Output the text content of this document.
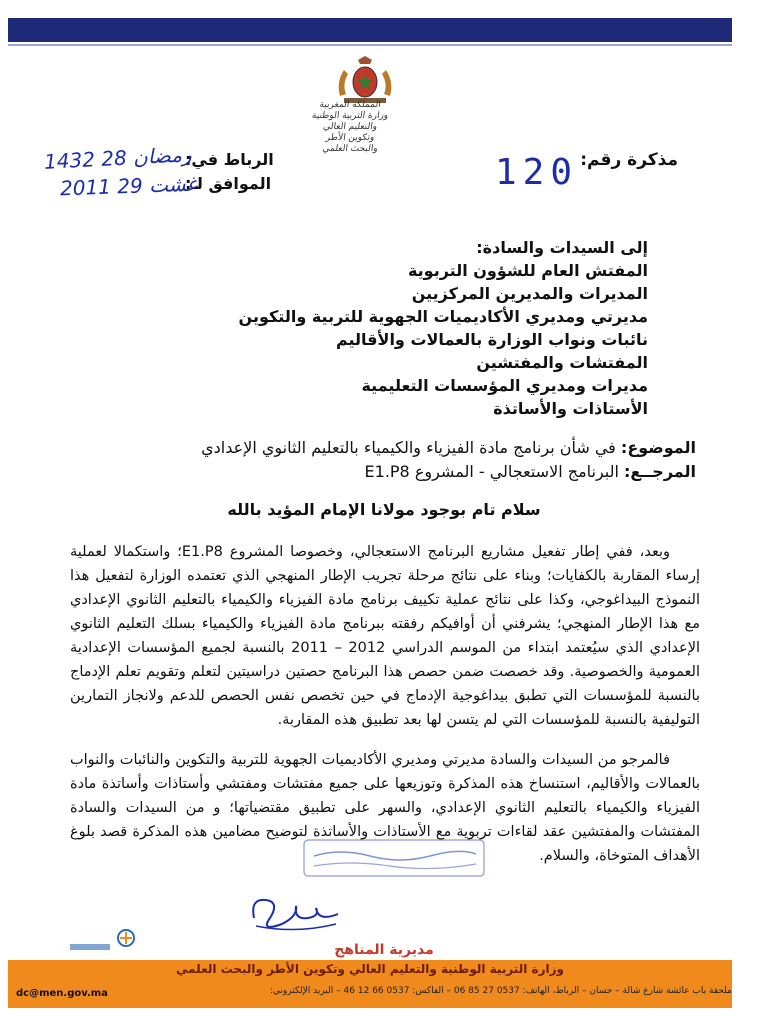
المملكة المغربية
وزارة التربية الوطنية
والتعليم العالي
وتكوين الأطر
والبحث العلمي
مذكرة رقم:
120
الرباط في:
الموافق لـ:
1432 رمضان 28
2011 غشت 29
إلى السيدات والسادة:
المفتش العام للشؤون التربوية
المديرات والمديرين المركزيين
مديرتي ومديري الأكاديميات الجهوية للتربية والتكوين
نائبات ونواب الوزارة بالعمالات والأقاليم
المفتشات والمفتشين
مديرات ومديري المؤسسات التعليمية
الأستاذات والأساتذة
الموضوع: في شأن برنامج مادة الفيزياء والكيمياء بالتعليم الثانوي الإعدادي
المرجــع: البرنامج الاستعجالي - المشروع E1.P8
سلام تام بوجود مولانا الإمام المؤيد بالله

وبعد، ففي إطار تفعيل مشاريع البرنامج الاستعجالي، وخصوصا المشروع E1.P8؛ واستكمالا لعملية إرساء المقاربة بالكفايات؛ وبناء على نتائج مرحلة تجريب الإطار المنهجي الذي تعتمده الوزارة لتفعيل هذا النموذج البيداغوجي، وكذا على نتائج عملية تكييف برنامج مادة الفيزياء والكيمياء بالتعليم الثانوي الإعدادي مع هذا الإطار المنهجي؛ يشرفني أن أوافيكم رفقته ببرنامج مادة الفيزياء والكيمياء بسلك التعليم الثانوي الإعدادي الذي سيُعتمد ابتداء من الموسم الدراسي 2012 – 2011 بالنسبة لجميع المؤسسات الإعدادية العمومية والخصوصية. وقد خصصت ضمن حصص هذا البرنامج حصتين دراسيتين لتعلم وتقويم تعلم الإدماج بالنسبة للمؤسسات التي تطبق بيداغوجية الإدماج في حين تخصص نفس الحصص للدعم ولانجاز التمارين التوليفية بالنسبة للمؤسسات التي لم يتسن لها بعد تطبيق هذه المقاربة.

فالمرجو من السيدات والسادة مديرتي ومديري الأكاديميات الجهوية للتربية والتكوين والنائبات والنواب بالعمالات والأقاليم، استنساخ هذه المذكرة وتوزيعها على جميع مفتشات ومفتشي وأستاذات وأساتذة مادة الفيزياء والكيمياء بالتعليم الثانوي الإعدادي، والسهر على تطبيق مقتضياتها؛ و من السيدات والسادة المفتشات والمفتشين عقد لقاءات تربوية مع الأستاذات والأساتذة لتوضيح مضامين هذه المذكرة قصد بلوغ الأهداف المتوخاة، والسلام.

مديرية المناهج
وزارة التربية الوطنية والتعليم العالي وتكوين الأطر والبحث العلمي
ملحقة باب عائشة شارع شالة – حسان – الرباط، الهاتف: 0537 27 85 06 – الفاكس: 0537 66 12 46 – البريد الإلكتروني:
dc@men.gov.ma
